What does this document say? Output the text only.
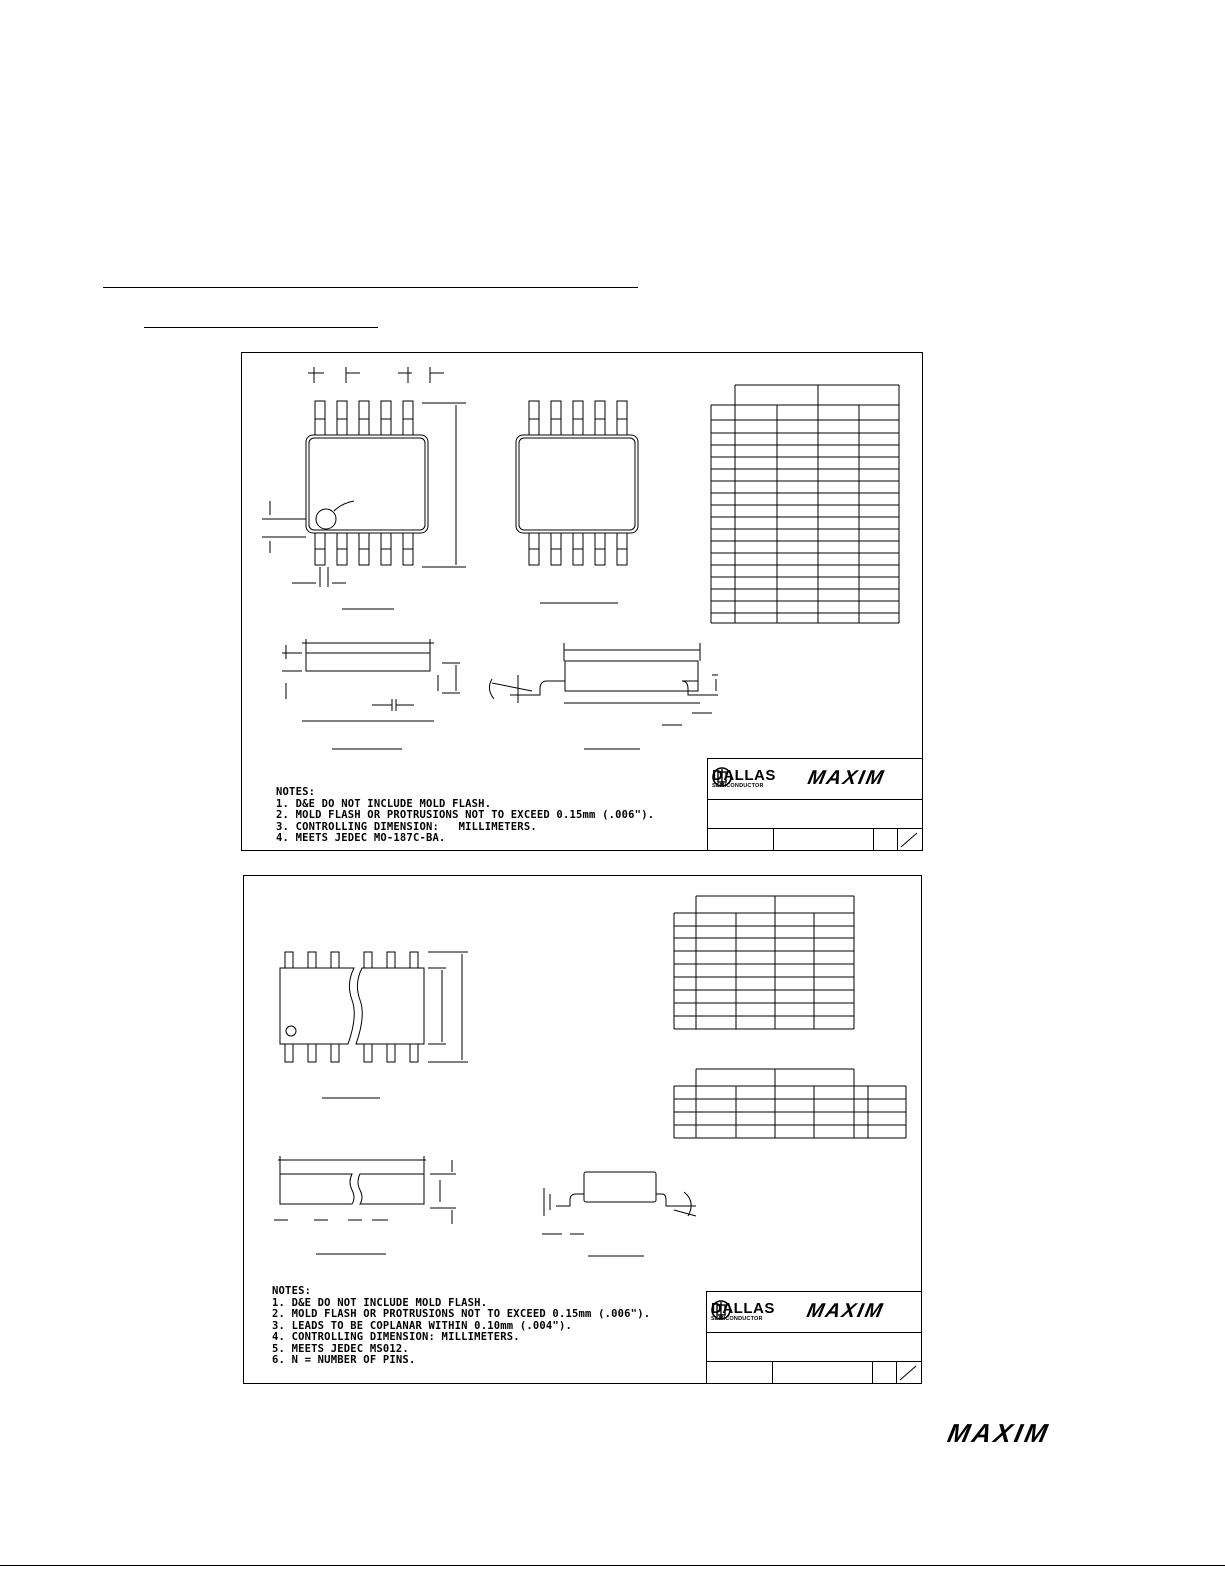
NOTES:
1. D&E DO NOT INCLUDE MOLD FLASH.
2. MOLD FLASH OR PROTRUSIONS NOT TO EXCEED 0.15mm (.006").
3. CONTROLLING DIMENSION:   MILLIMETERS.
4. MEETS JEDEC MO-187C-BA.
DALLAS
SEMICONDUCTOR	MAXIM
NOTES:
1. D&E DO NOT INCLUDE MOLD FLASH.
2. MOLD FLASH OR PROTRUSIONS NOT TO EXCEED 0.15mm (.006").
3. LEADS TO BE COPLANAR WITHIN 0.10mm (.004").
4. CONTROLLING DIMENSION: MILLIMETERS.
5. MEETS JEDEC MS012.
6. N = NUMBER OF PINS.
DALLAS
SEMICONDUCTOR	MAXIM
MAXIM
